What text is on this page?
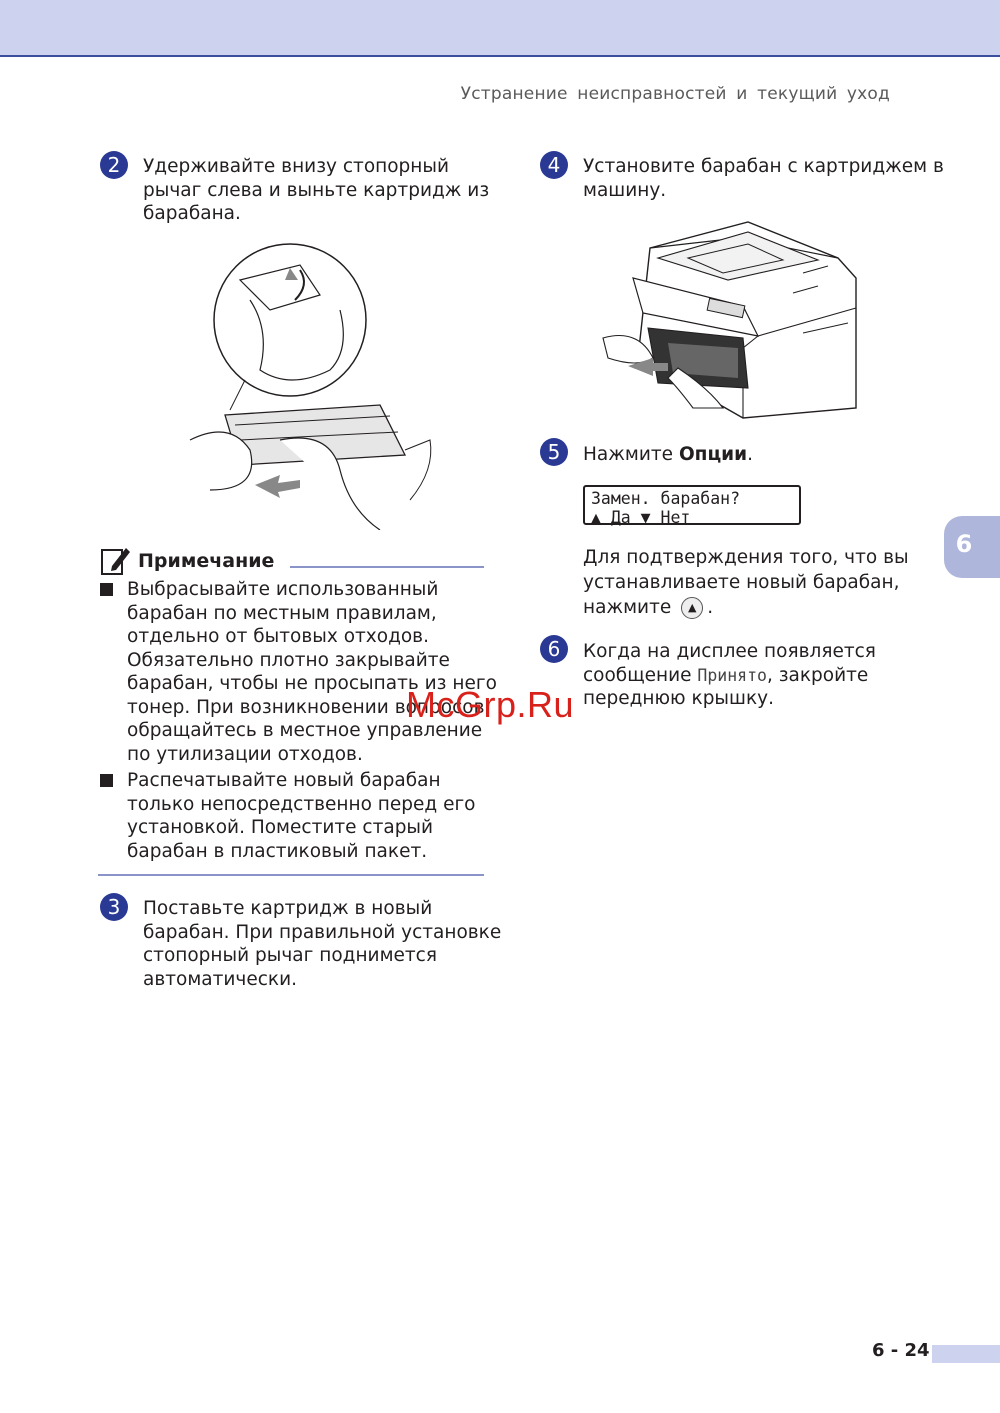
Устранение неисправностей и текущий уход
2	Удерживайте внизу стопорный
рычаг слева и выньте картридж из
барабана.
Примечание
Выбрасывайте использованный
барабан по местным правилам,
отдельно от бытовых отходов.
Обязательно плотно закрывайте
барабан, чтобы не просыпать из него
тонер. При возникновении вопросов
обращайтесь в местное управление
по утилизации отходов.
Распечатывайте новый барабан
только непосредственно перед его
установкой. Поместите старый
барабан в пластиковый пакет.
3	Поставьте картридж в новый
барабан. При правильной установке
стопорный рычаг поднимется
автоматически.
4	Установите барабан с картриджем в
машину.
5	Нажмите Опции.
Замен. барабан?
▲ Да ▼ Нет
Для подтверждения того, что вы
устанавливаете новый барабан,
нажмите ▲ .
6	Когда на дисплее появляется
сообщение Принято, закройте
переднюю крышку.
6
McGrp.Ru
6 - 24
